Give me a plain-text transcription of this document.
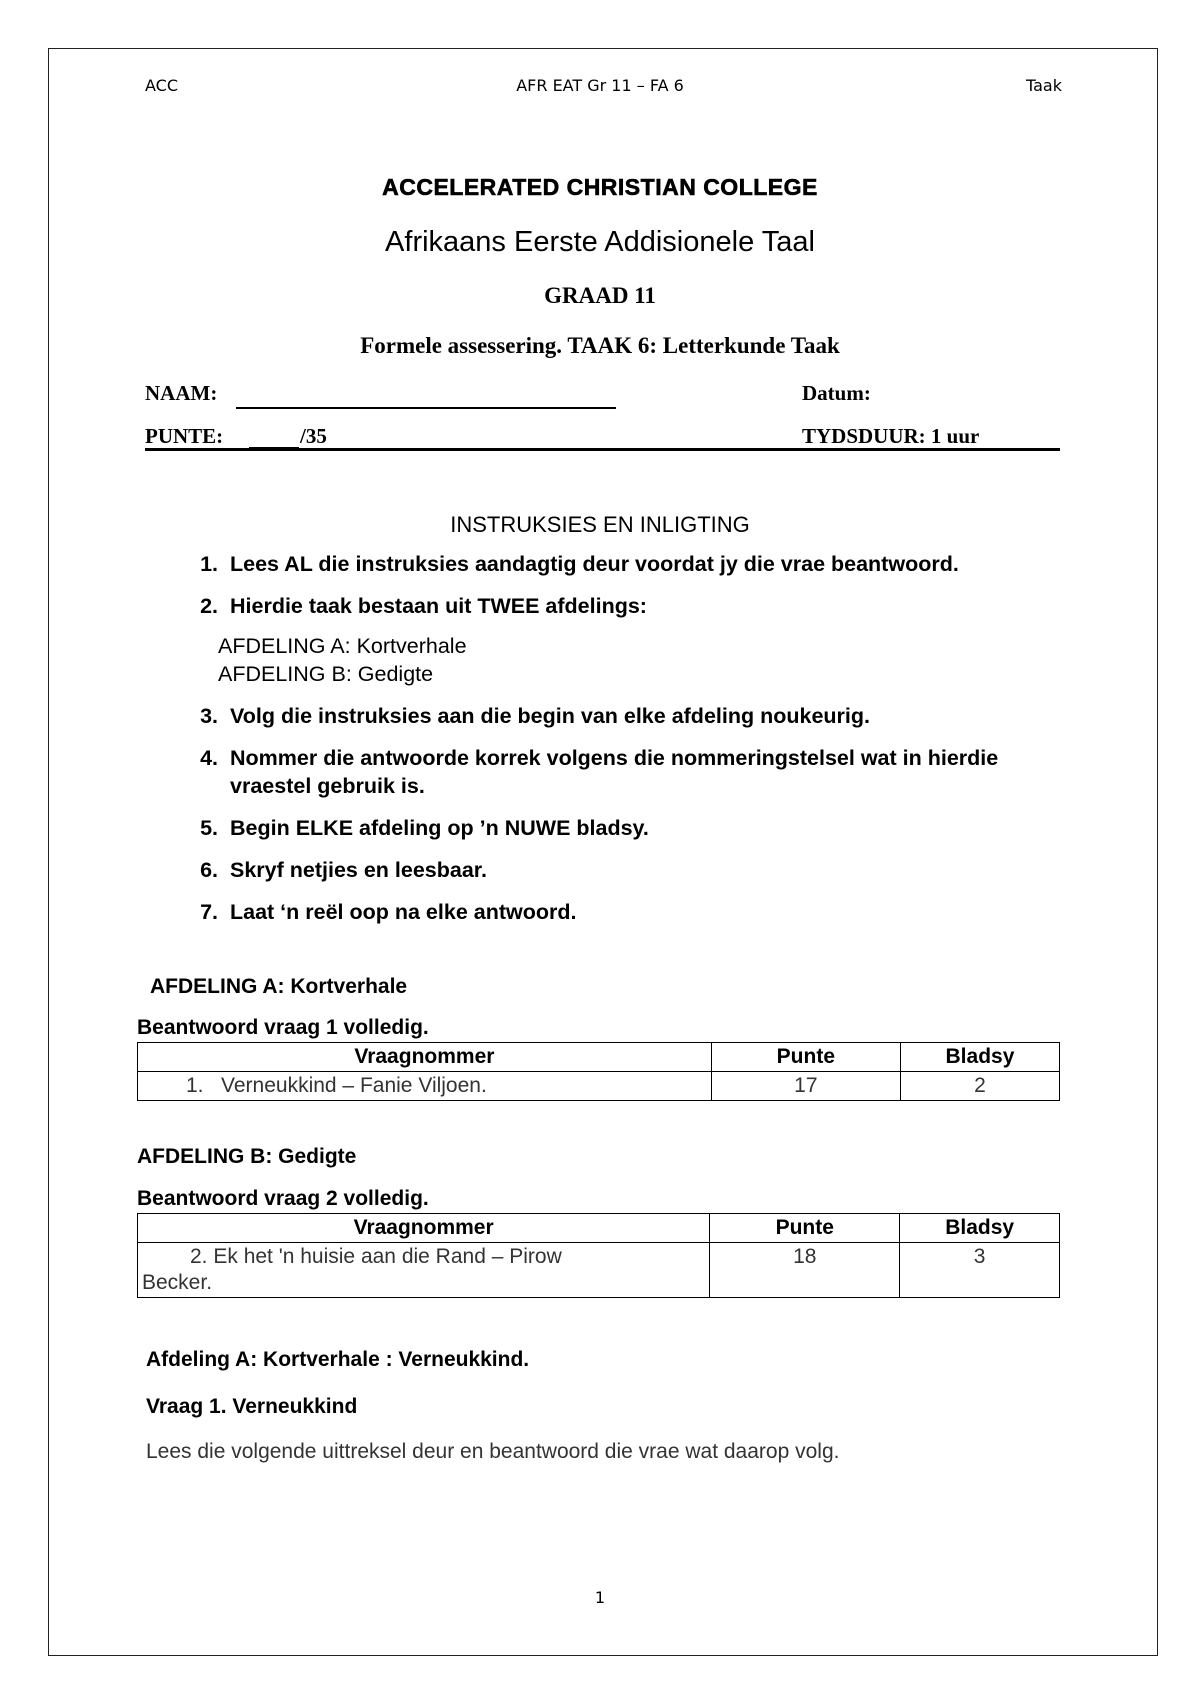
ACC	AFR EAT Gr 11 – FA 6	Taak
ACCELERATED CHRISTIAN COLLEGE
Afrikaans Eerste Addisionele Taal
GRAAD 11
Formele assessering. TAAK 6: Letterkunde Taak
NAAM:	Datum:
PUNTE:	/35	TYDSDUUR: 1 uur
INSTRUKSIES EN INLIGTING
1. Lees AL die instruksies aandagtig deur voordat jy die vrae beantwoord.
2. Hierdie taak bestaan uit TWEE afdelings:
AFDELING A: Kortverhale
AFDELING B: Gedigte
3. Volg die instruksies aan die begin van elke afdeling noukeurig.
4. Nommer die antwoorde korrek volgens die nommeringstelsel wat in hierdie vraestel gebruik is.
5. Begin ELKE afdeling op ’n NUWE bladsy.
6. Skryf netjies en leesbaar.
7. Laat ‘n reël oop na elke antwoord.
AFDELING A: Kortverhale
Beantwoord vraag 1 volledig.
Vraagnommer	Punte	Bladsy
1.   Verneukkind – Fanie Viljoen.	17	2
AFDELING B: Gedigte
Beantwoord vraag 2 volledig.
Vraagnommer	Punte	Bladsy

2. Ek het 'n huisie aan die Rand – Pirow
Becker.	18	3
Afdeling A: Kortverhale : Verneukkind.
Vraag 1. Verneukkind
Lees die volgende uittreksel deur en beantwoord die vrae wat daarop volg.
1
